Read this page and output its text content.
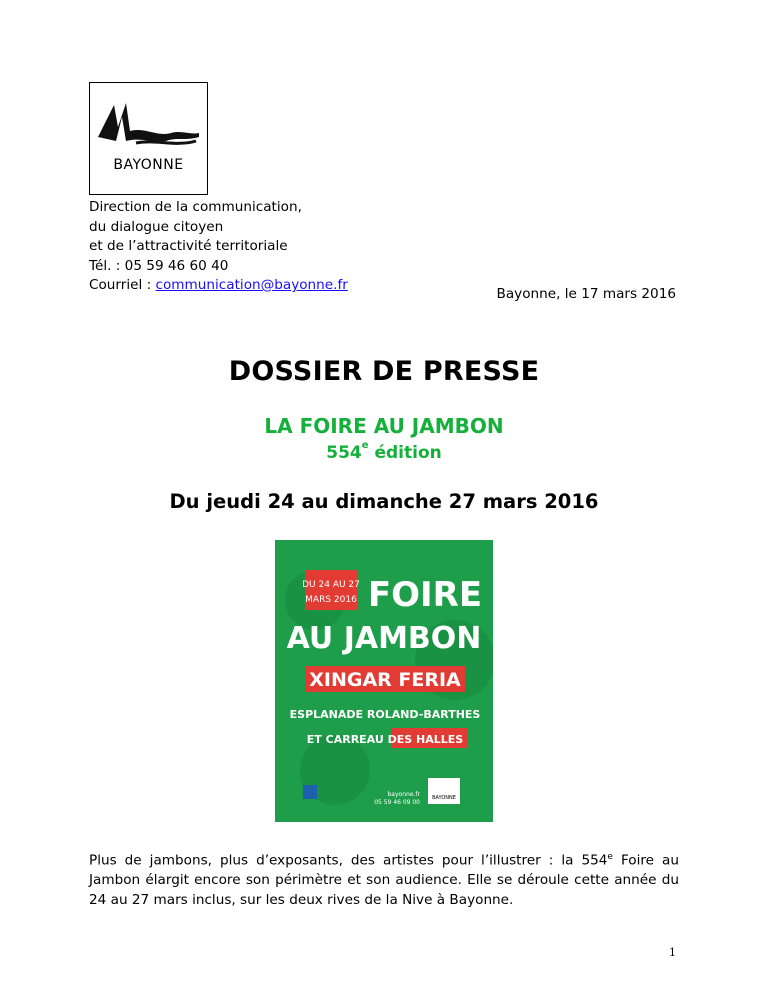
BAYONNE
Direction de la communication,
du dialogue citoyen
et de l’attractivité territoriale
Tél. : 05 59 46 60 40
Courriel : communication@bayonne.fr
Bayonne, le 17 mars 2016
DOSSIER DE PRESSE
LA FOIRE AU JAMBON
554e édition
Du jeudi 24 au dimanche 27 mars 2016
DU 24 AU 27
MARS 2016 FOIRE
AU JAMBON
XINGAR FERIA
ESPLANADE ROLAND-BARTHES
ET CARREAU DES HALLES
bayonne.fr
05 59 46 09 00
BAYONNE
Plus de jambons, plus d’exposants, des artistes pour l’illustrer : la 554e Foire au Jambon élargit encore son périmètre et son audience. Elle se déroule cette année du 24 au 27 mars inclus, sur les deux rives de la Nive à Bayonne.
1
